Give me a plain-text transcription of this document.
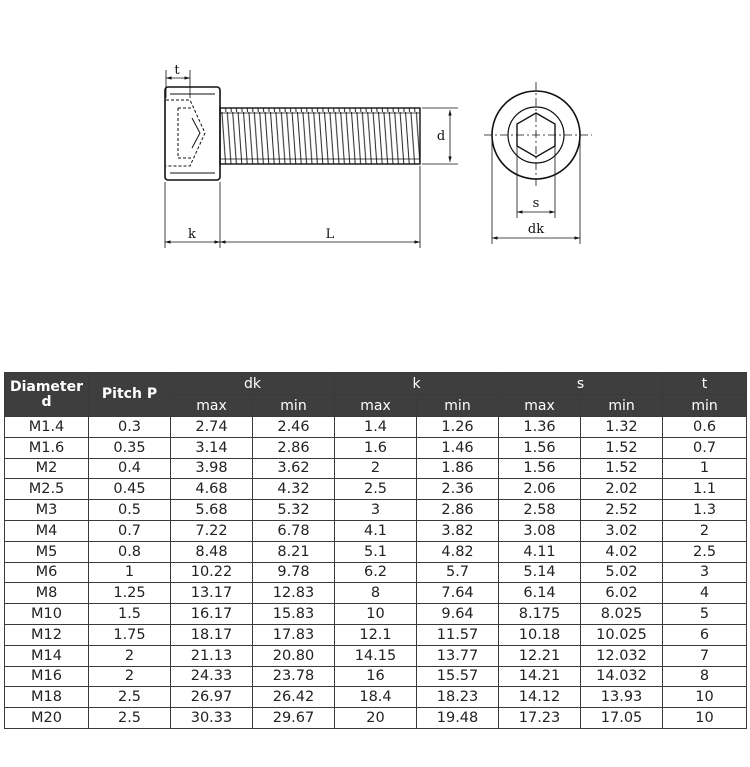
t
d
k	L
s
dk
Diameter
d	Pitch P	dk		k		s		t
		max	min	max	min	max	min	min
M1.4	0.3	2.74	2.46	1.4	1.26	1.36	1.32	0.6
M1.6	0.35	3.14	2.86	1.6	1.46	1.56	1.52	0.7
M2	0.4	3.98	3.62	2	1.86	1.56	1.52	1
M2.5	0.45	4.68	4.32	2.5	2.36	2.06	2.02	1.1
M3	0.5	5.68	5.32	3	2.86	2.58	2.52	1.3
M4	0.7	7.22	6.78	4.1	3.82	3.08	3.02	2
M5	0.8	8.48	8.21	5.1	4.82	4.11	4.02	2.5
M6	1	10.22	9.78	6.2	5.7	5.14	5.02	3
M8	1.25	13.17	12.83	8	7.64	6.14	6.02	4
M10	1.5	16.17	15.83	10	9.64	8.175	8.025	5
M12	1.75	18.17	17.83	12.1	11.57	10.18	10.025	6
M14	2	21.13	20.80	14.15	13.77	12.21	12.032	7
M16	2	24.33	23.78	16	15.57	14.21	14.032	8
M18	2.5	26.97	26.42	18.4	18.23	14.12	13.93	10
M20	2.5	30.33	29.67	20	19.48	17.23	17.05	10
